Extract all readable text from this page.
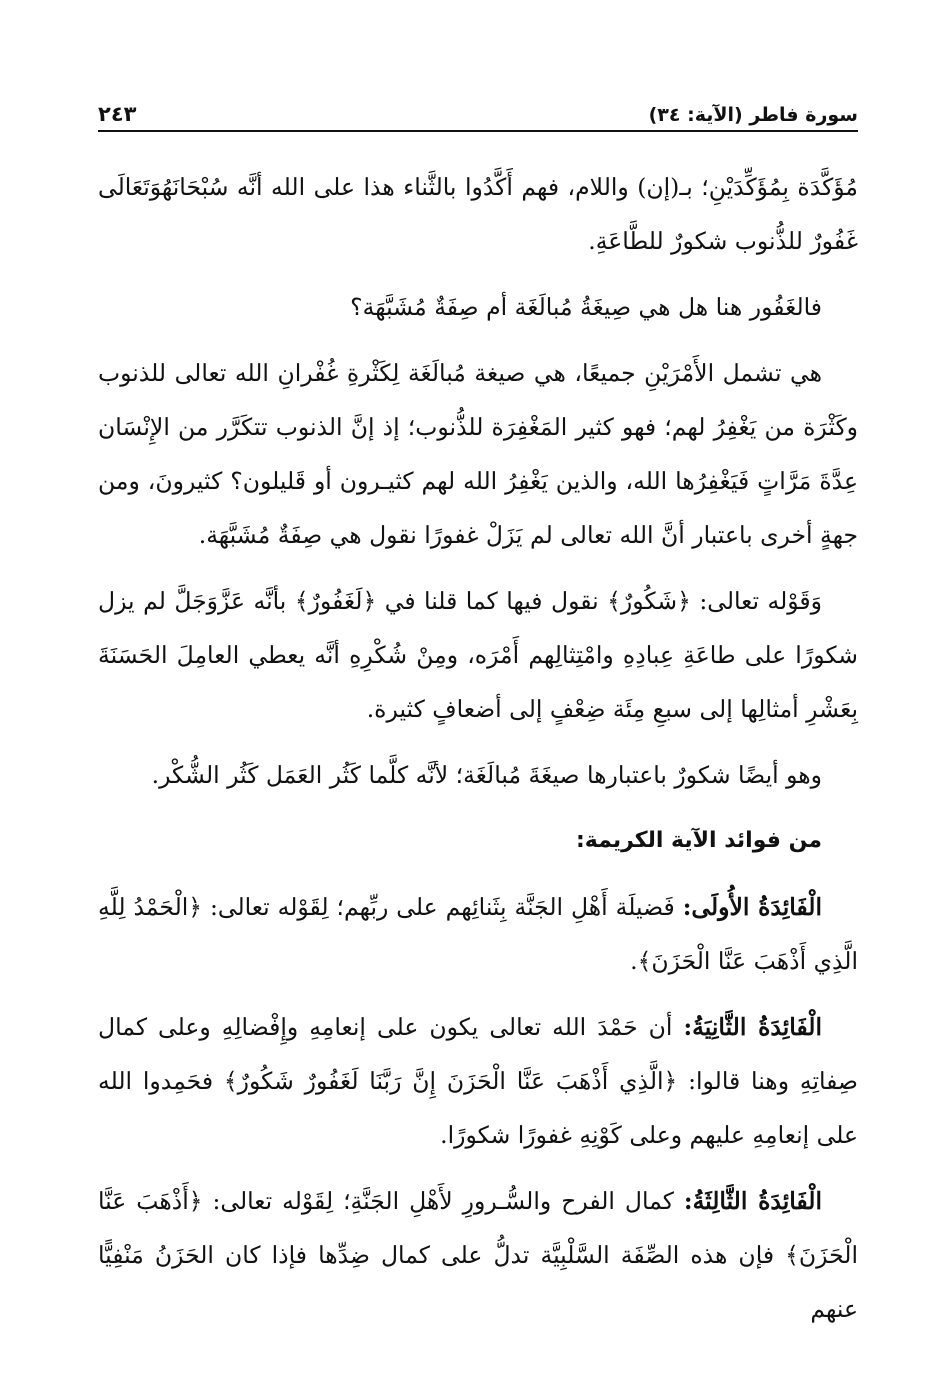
سورة فاطر (الآية: ٣٤)
٢٤٣

مُؤَكَّدَة بِمُؤَكِّدَيْنِ؛ بـ(إن) واللام، فهم أَكَّدُوا بالثَّناء هذا على الله أنَّه سُبْحَانَهُوَتَعَالَى غَفُورٌ للذُّنوب شكورٌ للطَّاعَةِ.

فالغَفُور هنا هل هي صِيغَةُ مُبالَغَة أم صِفَةٌ مُشَبَّهَة؟

هي تشمل الأَمْرَيْنِ جميعًا، هي صيغة مُبالَغَة لِكَثْرةِ غُفْرانِ الله تعالى للذنوب وكَثْرَة من يَغْفِرُ لهم؛ فهو كثير المَغْفِرَة للذُّنوب؛ إذ إنَّ الذنوب تتكَرَّر من الإِنْسَان عِدَّةَ مَرَّاتٍ فَيَغْفِرُها الله، والذين يَغْفِرُ الله لهم كثيـرون أو قَليلون؟ كثيرونَ، ومن جهةٍ أخرى باعتبار أنَّ الله تعالى لم يَزَلْ غفورًا نقول هي صِفَةٌ مُشَبَّهَة.

وَقَوْله تعالى: ﴿شَكُورٌ﴾ نقول فيها كما قلنا في ﴿لَغَفُورٌ﴾ بأنَّه عَزَّوَجَلَّ لم يزل شكورًا على طاعَةِ عِبادِهِ وامْتِثالِهم أَمْرَه، ومِنْ شُكْرِهِ أنَّه يعطي العامِلَ الحَسَنَةَ بِعَشْرِ أمثالِها إلى سبعِ مِئَة ضِعْفٍ إلى أضعافٍ كثيرة.

وهو أيضًا شكورٌ باعتبارها صيغَةَ مُبالَغَة؛ لأنَّه كلَّما كَثُر العَمَل كَثُر الشُّكْر.

من فوائد الآية الكريمة:

الْفَائِدَةُ الأُولَى: فَضيلَة أَهْلِ الجَنَّة بِثَنائِهم على ربِّهم؛ لِقَوْله تعالى: ﴿الْحَمْدُ لِلَّهِ الَّذِي أَذْهَبَ عَنَّا الْحَزَنَ﴾.

الْفَائِدَةُ الثَّانِيَةُ: أن حَمْدَ الله تعالى يكون على إنعامِهِ وإِفْضالِهِ وعلى كمال صِفاتِهِ وهنا قالوا: ﴿الَّذِي أَذْهَبَ عَنَّا الْحَزَنَ إِنَّ رَبَّنَا لَغَفُورٌ شَكُورٌ﴾ فحَمِدوا الله على إنعامِهِ عليهم وعلى كَوْنِهِ غفورًا شكورًا.

الْفَائِدَةُ الثَّالِثَةُ: كمال الفرح والسُّـرورِ لأَهْلِ الجَنَّةِ؛ لِقَوْله تعالى: ﴿أَذْهَبَ عَنَّا الْحَزَنَ﴾ فإن هذه الصِّفَة السَّلْبِيَّة تدلُّ على كمال ضِدِّها فإذا كان الحَزَنُ مَنْفِيًّا عنهم
